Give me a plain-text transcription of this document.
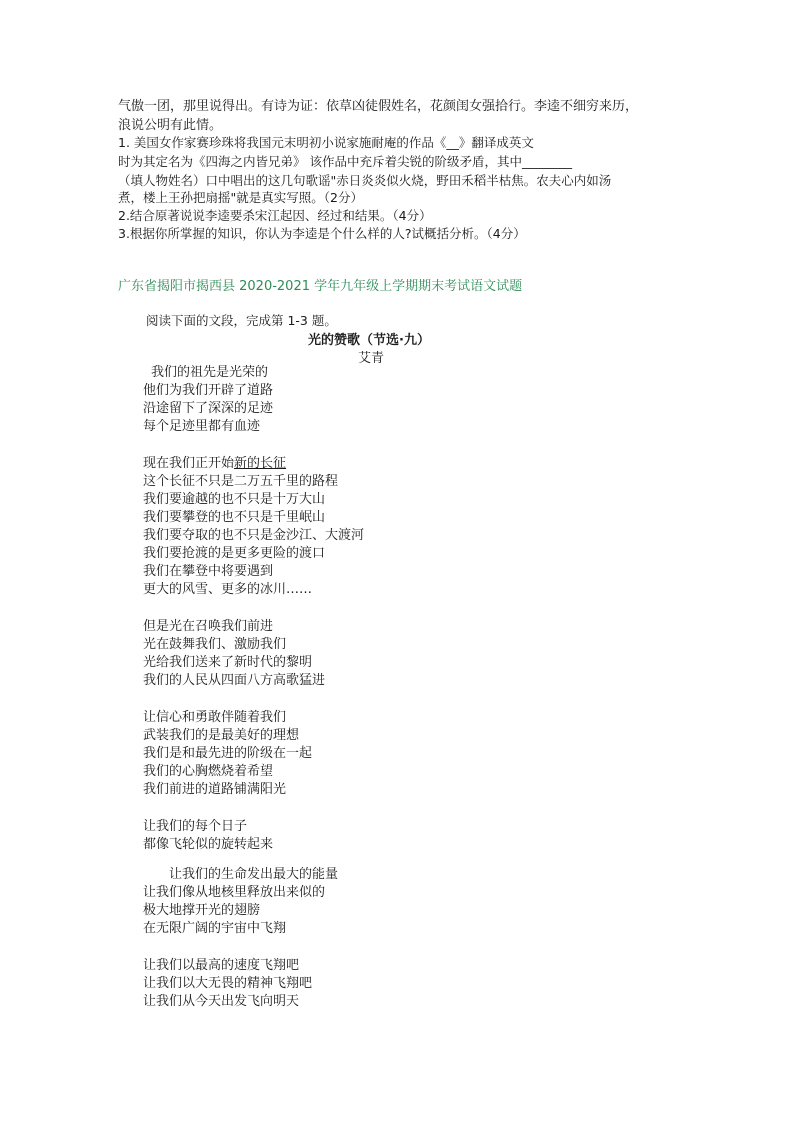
气傲一团，那里说得出。有诗为证：依草凶徒假姓名，花颜闺女强拾行。李逵不细穷来历，
浪说公明有此情。
1. 美国女作家赛珍珠将我国元末明初小说家施耐庵的作品《__》翻译成英文
时为其定名为《四海之内皆兄弟》 该作品中充斥着尖锐的阶级矛盾，其中________
（填人物姓名）口中唱出的这几句歌谣"赤日炎炎似火烧，野田禾稻半枯焦。农夫心内如汤
煮，楼上王孙把扇摇"就是真实写照。（2分）
2.结合原著说说李逵要杀宋江起因、经过和结果。（4分）
3.根据你所掌握的知识，你认为李逵是个什么样的人?试概括分析。（4分）
广东省揭阳市揭西县 2020-2021 学年九年级上学期期末考试语文试题
阅读下面的文段，完成第 1-3 题。
光的赞歌（节选·九）
艾青
我们的祖先是光荣的
他们为我们开辟了道路
沿途留下了深深的足迹
每个足迹里都有血迹
现在我们正开始新的长征
这个长征不只是二万五千里的路程
我们要逾越的也不只是十万大山
我们要攀登的也不只是千里岷山
我们要夺取的也不只是金沙江、大渡河
我们要抢渡的是更多更险的渡口
我们在攀登中将要遇到
更大的风雪、更多的冰川……
但是光在召唤我们前进
光在鼓舞我们、激励我们
光给我们送来了新时代的黎明
我们的人民从四面八方高歌猛进
让信心和勇敢伴随着我们
武装我们的是最美好的理想
我们是和最先进的阶级在一起
我们的心胸燃烧着希望
我们前进的道路铺满阳光
让我们的每个日子
都像飞轮似的旋转起来
让我们的生命发出最大的能量
让我们像从地核里释放出来似的
极大地撑开光的翅膀
在无限广阔的宇宙中飞翔
让我们以最高的速度飞翔吧
让我们以大无畏的精神飞翔吧
让我们从今天出发飞向明天
